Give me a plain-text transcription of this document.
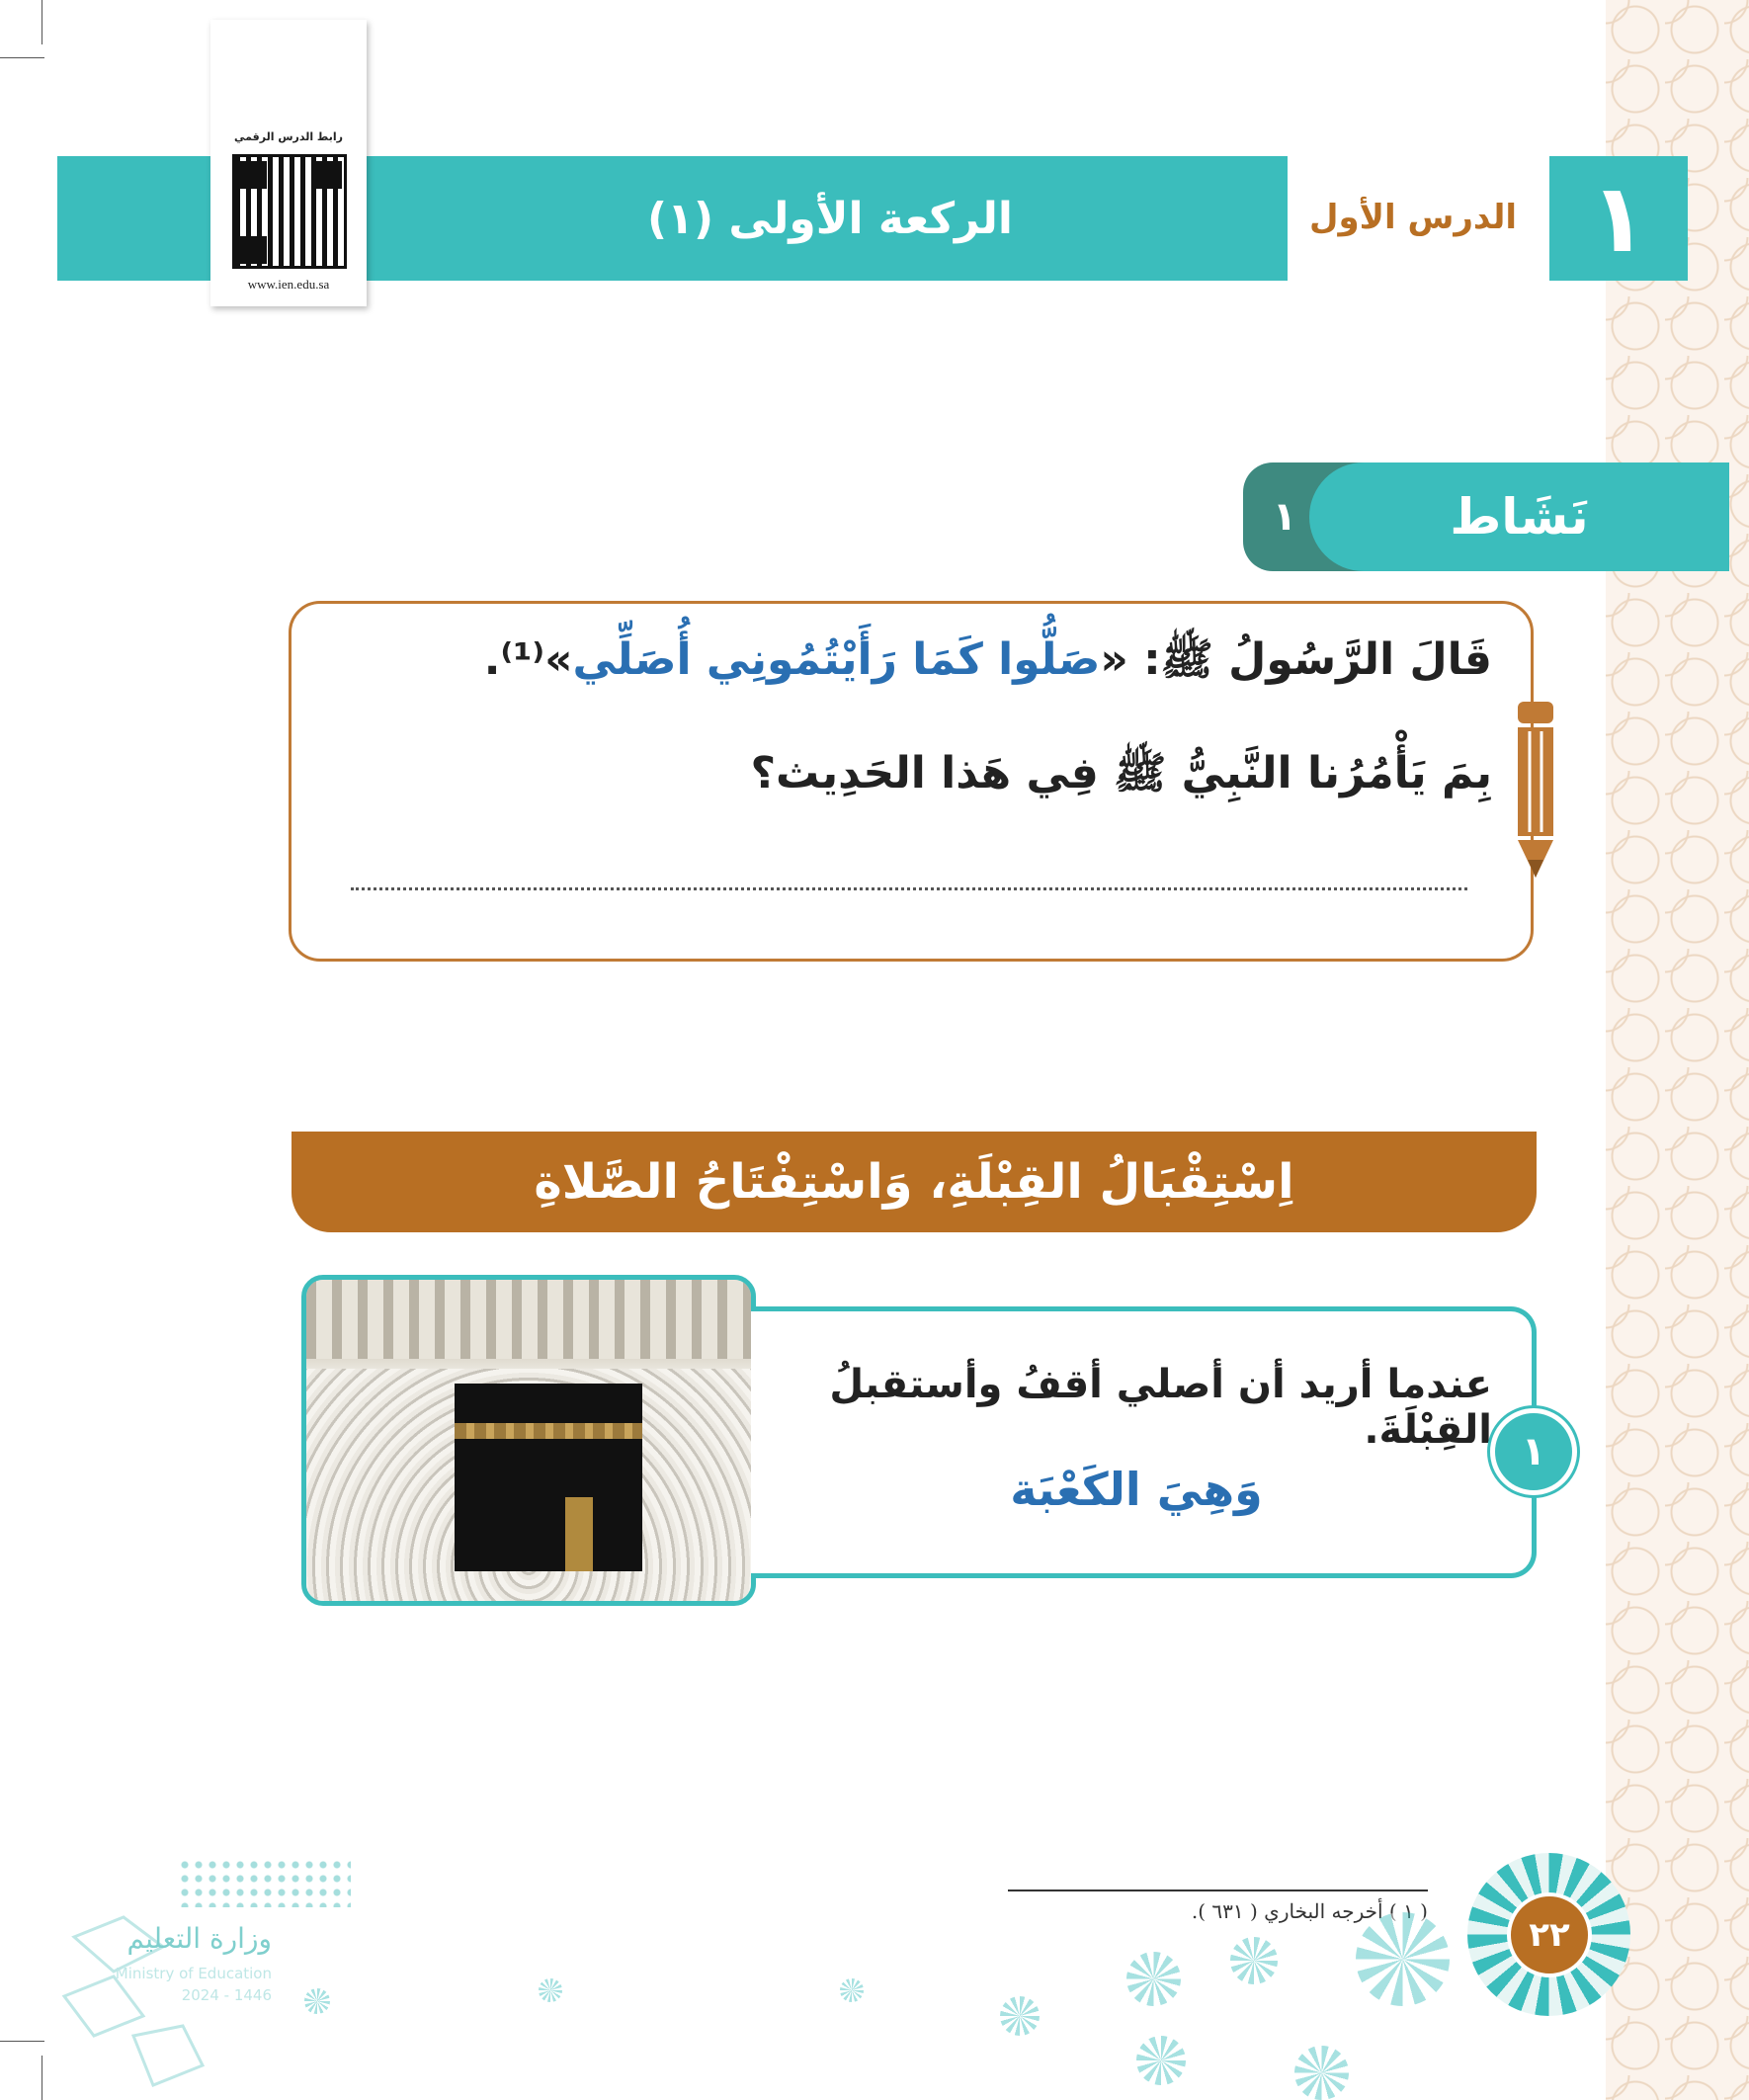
الركعة الأولى (١)	الدرس الأول ١
رابط الدرس الرقمي
www.ien.edu.sa
١	نَشَاط
قَالَ الرَّسُولُ ﷺ: «صَلُّوا كَمَا رَأَيْتُمُونِي أُصَلِّي»⁽¹⁾.
بِمَ يَأْمُرُنا النَّبِيُّ ﷺ فِي هَذا الحَدِيث؟
اِسْتِقْبَالُ القِبْلَةِ، وَاسْتِفْتَاحُ الصَّلاةِ
عندما أريد أن أصلي أقفُ وأستقبلُ القِبْلَةَ.
وَهِيَ الكَعْبَة
١
( ١ ) أخرجه البخاري ( ٦٣١ ).
٢٢
وزارة التعليم
Ministry of Education
2024 - 1446
